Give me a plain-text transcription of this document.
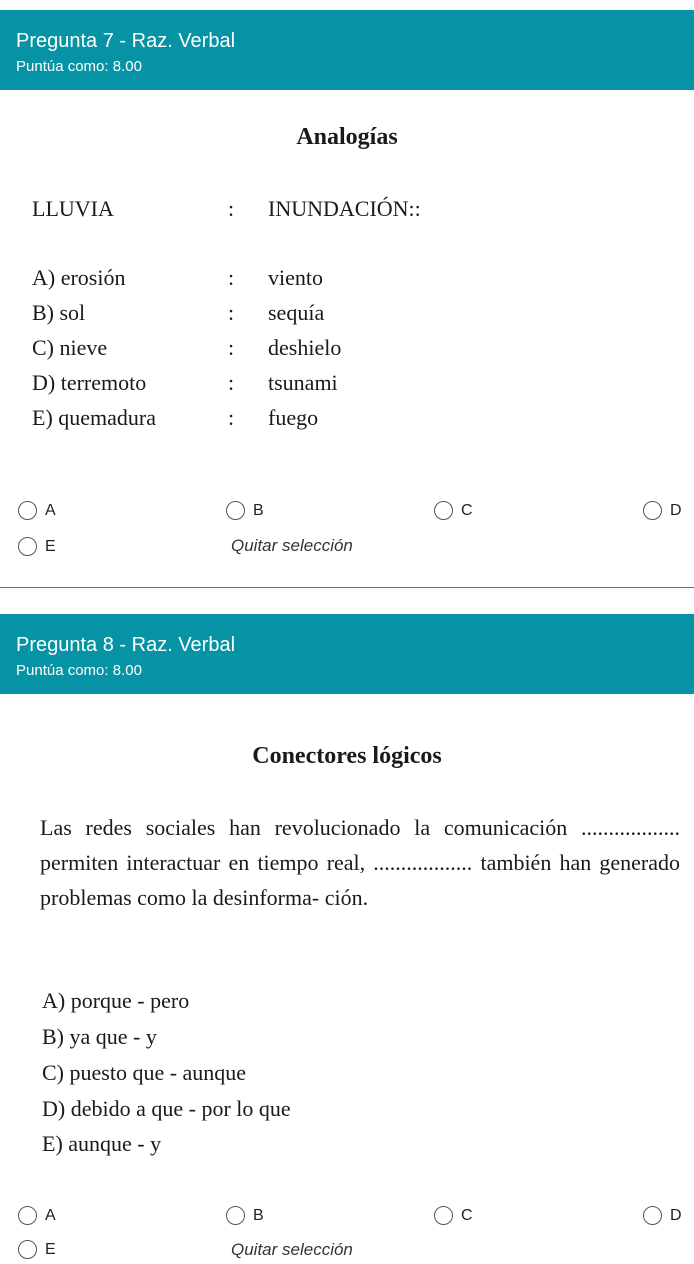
Pregunta 7 - Raz. Verbal
Puntúa como: 8.00
Analogías
LLUVIA	: INUNDACIÓN::
A) erosión	: viento
B) sol	: sequía
C) nieve	: deshielo
D) terremoto	: tsunami
E) quemadura	: fuego
A	B	C	D
E	Quitar selección
Pregunta 8 - Raz. Verbal
Puntúa como: 8.00
Conectores lógicos
Las redes sociales han revolucionado la comunicación .................. permiten interactuar en tiempo real, .................. también han generado problemas como la desinforma- ción.
A) porque - pero
B) ya que - y
C) puesto que - aunque
D) debido a que - por lo que
E) aunque - y
A	B	C	D
E	Quitar selección
